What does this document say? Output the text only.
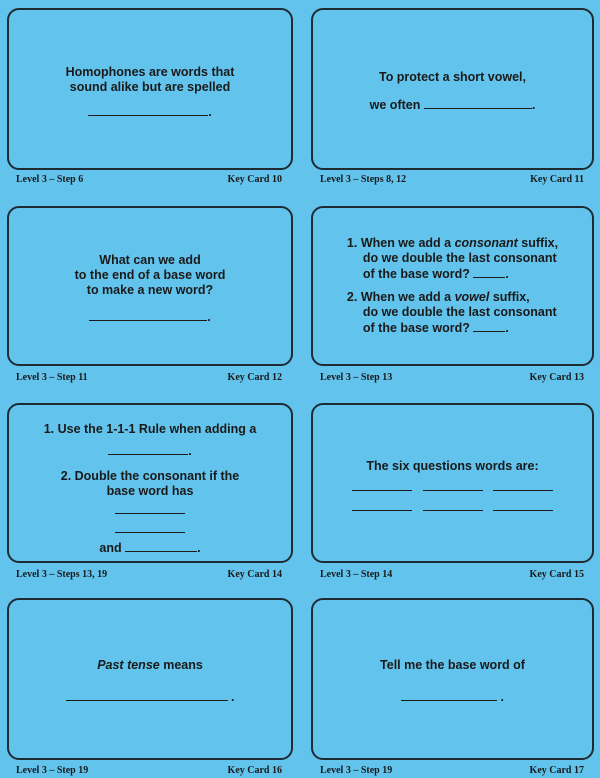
Homophones are words that

sound alike but are spelled

.

Level 3 – Step 6	Key Card 10

To protect a short vowel,

we often	.

Level 3 – Steps 8, 12	Key Card 11

What can we add

to the end of a base word

to make a new word?

.

Level 3 – Step 11	Key Card 12
1. When we add a consonant suffix,
do we double the last consonant
of the base word?	.
2. When we add a vowel suffix,
do we double the last consonant
of the base word?	.
Level 3 – Step 13	Key Card 13

1. Use the 1-1-1 Rule when adding a

.

2. Double the consonant if the

base word has

and	.

Level 3 – Steps 13, 19	Key Card 14

The six questions words are:

Level 3 – Step 14	Key Card 15

Past tense means

.

Level 3 – Step 19	Key Card 16

Tell me the base word of

.

Level 3 – Step 19	Key Card 17
